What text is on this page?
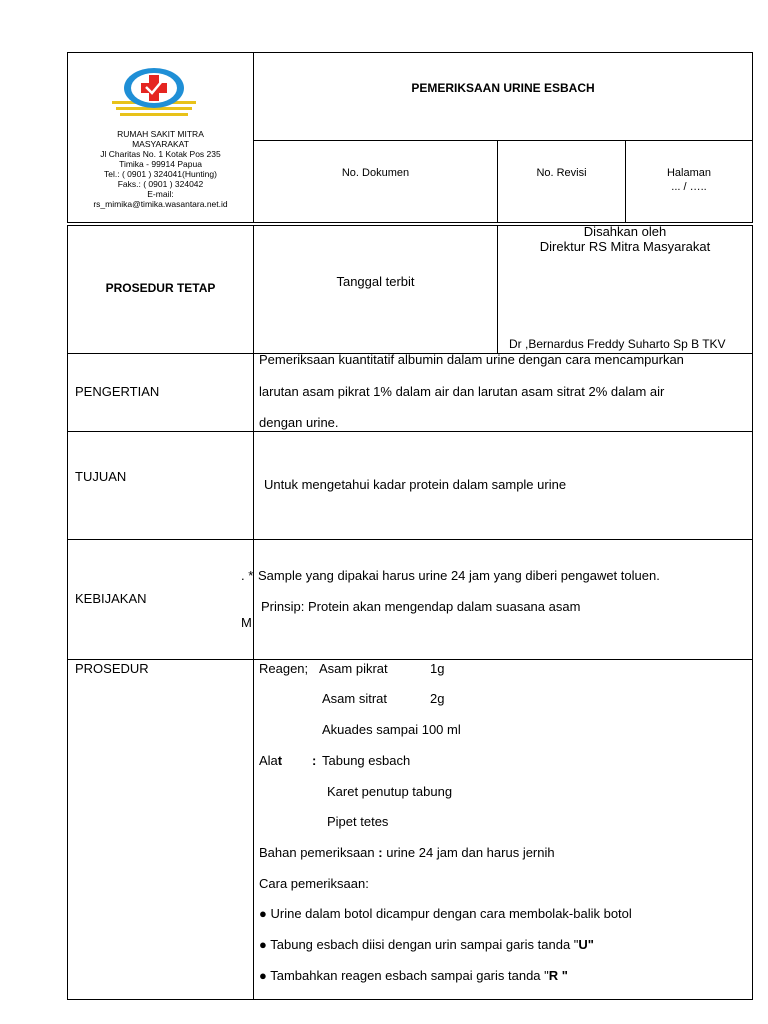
RUMAH SAKIT MITRA
MASYARAKAT
Jl Charitas No. 1 Kotak Pos 235
Timika - 99914 Papua
Tel.: ( 0901 ) 324041(Hunting)
Faks.: ( 0901 ) 324042
E-mail:
rs_mimika@timika.wasantara.net.id
PEMERIKSAAN URINE ESBACH
No. Dokumen	No. Revisi	Halaman
... / …..
PROSEDUR TETAP	Tanggal terbit
Disahkan oleh
Direktur RS Mitra Masyarakat
Dr ,Bernardus Freddy Suharto Sp B TKV
PENGERTIAN
Pemeriksaan kuantitatif albumin dalam urine dengan cara mencampurkan
larutan asam pikrat 1% dalam air dan larutan asam sitrat 2% dalam air
dengan urine.
TUJUAN
Untuk mengetahui kadar protein dalam sample urine
KEBIJAKAN
. * Sample yang dipakai harus urine 24 jam yang diberi pengawet toluen.
Prinsip: Protein akan mengendap dalam suasana asam
M
PROSEDUR	Reagen; Asam pikrat	1g
Asam sitrat	2g
Akuades sampai 100 ml
Alat : Tabung esbach
Karet penutup tabung
Pipet tetes
Bahan pemeriksaan : urine 24 jam dan harus jernih
Cara pemeriksaan:
● Urine dalam botol dicampur dengan cara membolak-balik botol
● Tabung esbach diisi dengan urin sampai garis tanda "U"
● Tambahkan reagen esbach sampai garis tanda "R "
